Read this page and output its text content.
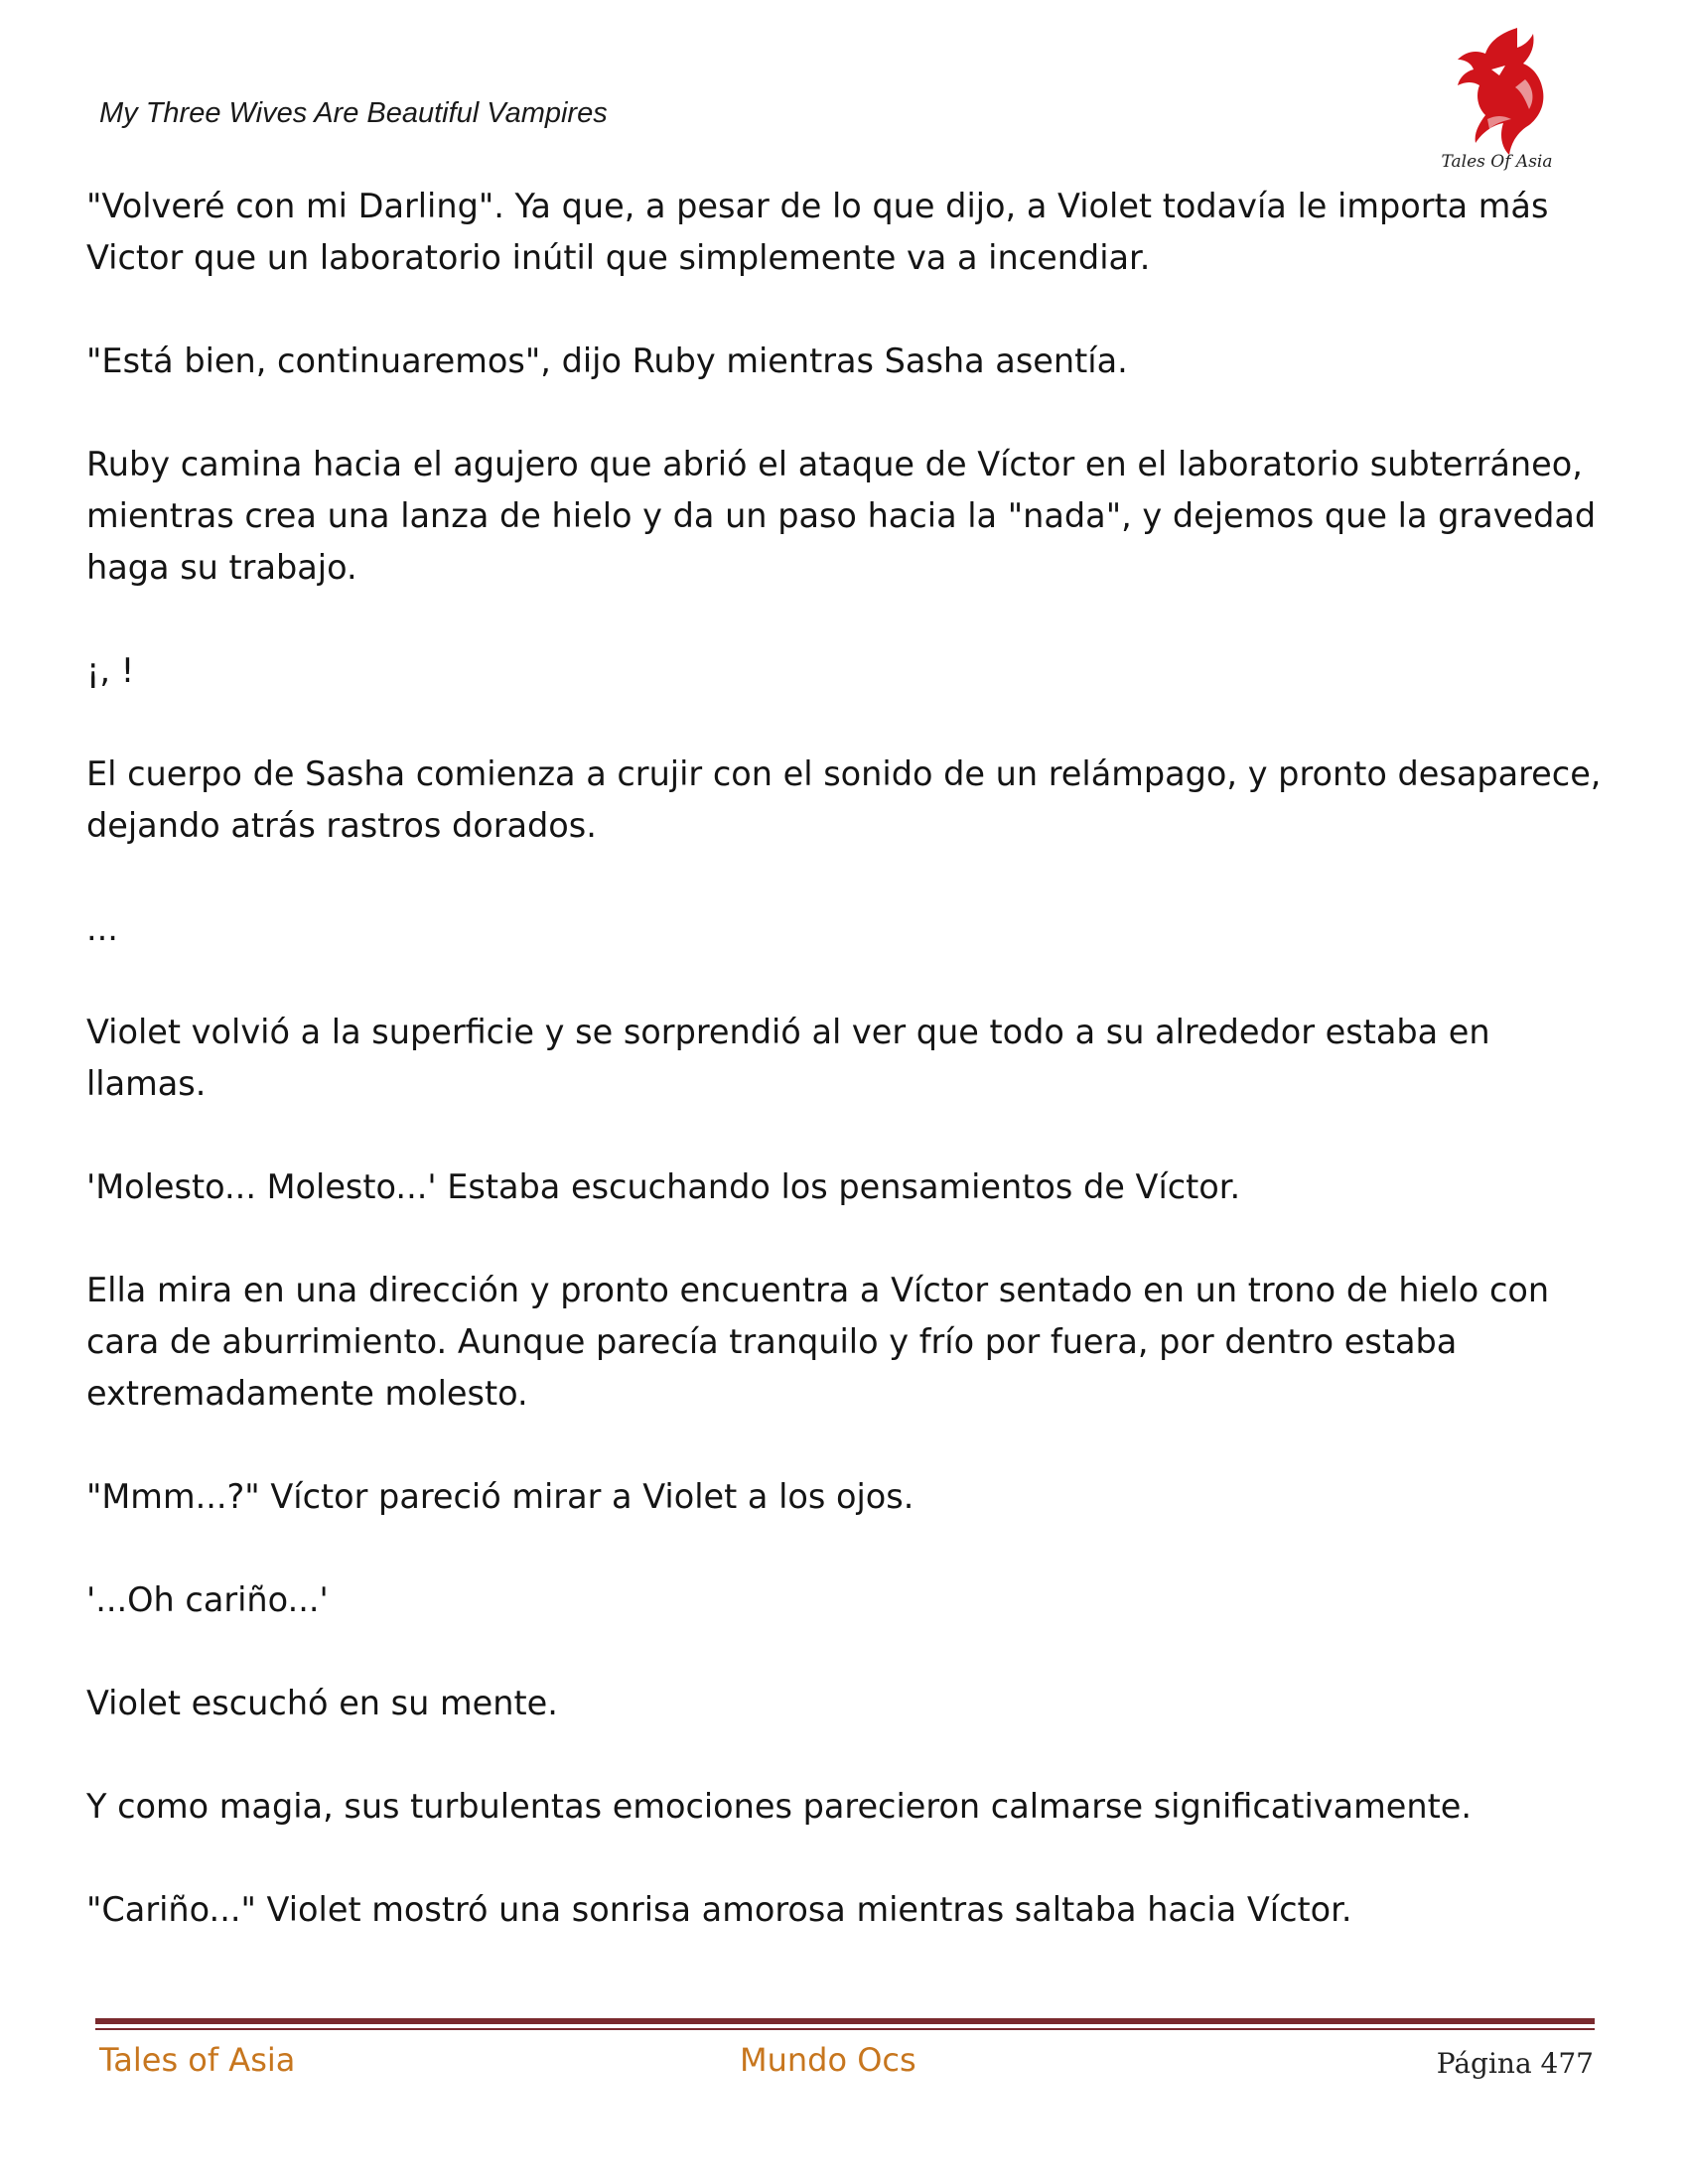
My Three Wives Are Beautiful Vampires
Tales Of Asia

"Volveré con mi Darling". Ya que, a pesar de lo que dijo, a Violet todavía le importa más Victor que un laboratorio inútil que simplemente va a incendiar.

"Está bien, continuaremos", dijo Ruby mientras Sasha asentía.

Ruby camina hacia el agujero que abrió el ataque de Víctor en el laboratorio subterráneo, mientras crea una lanza de hielo y da un paso hacia la "nada", y dejemos que la gravedad haga su trabajo.

¡, !

El cuerpo de Sasha comienza a crujir con el sonido de un relámpago, y pronto desaparece, dejando atrás rastros dorados.

...

Violet volvió a la superficie y se sorprendió al ver que todo a su alrededor estaba en llamas.

'Molesto... Molesto...' Estaba escuchando los pensamientos de Víctor.

Ella mira en una dirección y pronto encuentra a Víctor sentado en un trono de hielo con cara de aburrimiento. Aunque parecía tranquilo y frío por fuera, por dentro estaba extremadamente molesto.

"Mmm...?" Víctor pareció mirar a Violet a los ojos.

'...Oh cariño...'

Violet escuchó en su mente.

Y como magia, sus turbulentas emociones parecieron calmarse significativamente.

"Cariño..." Violet mostró una sonrisa amorosa mientras saltaba hacia Víctor.

Tales of Asia	Mundo Ocs	Página 477
